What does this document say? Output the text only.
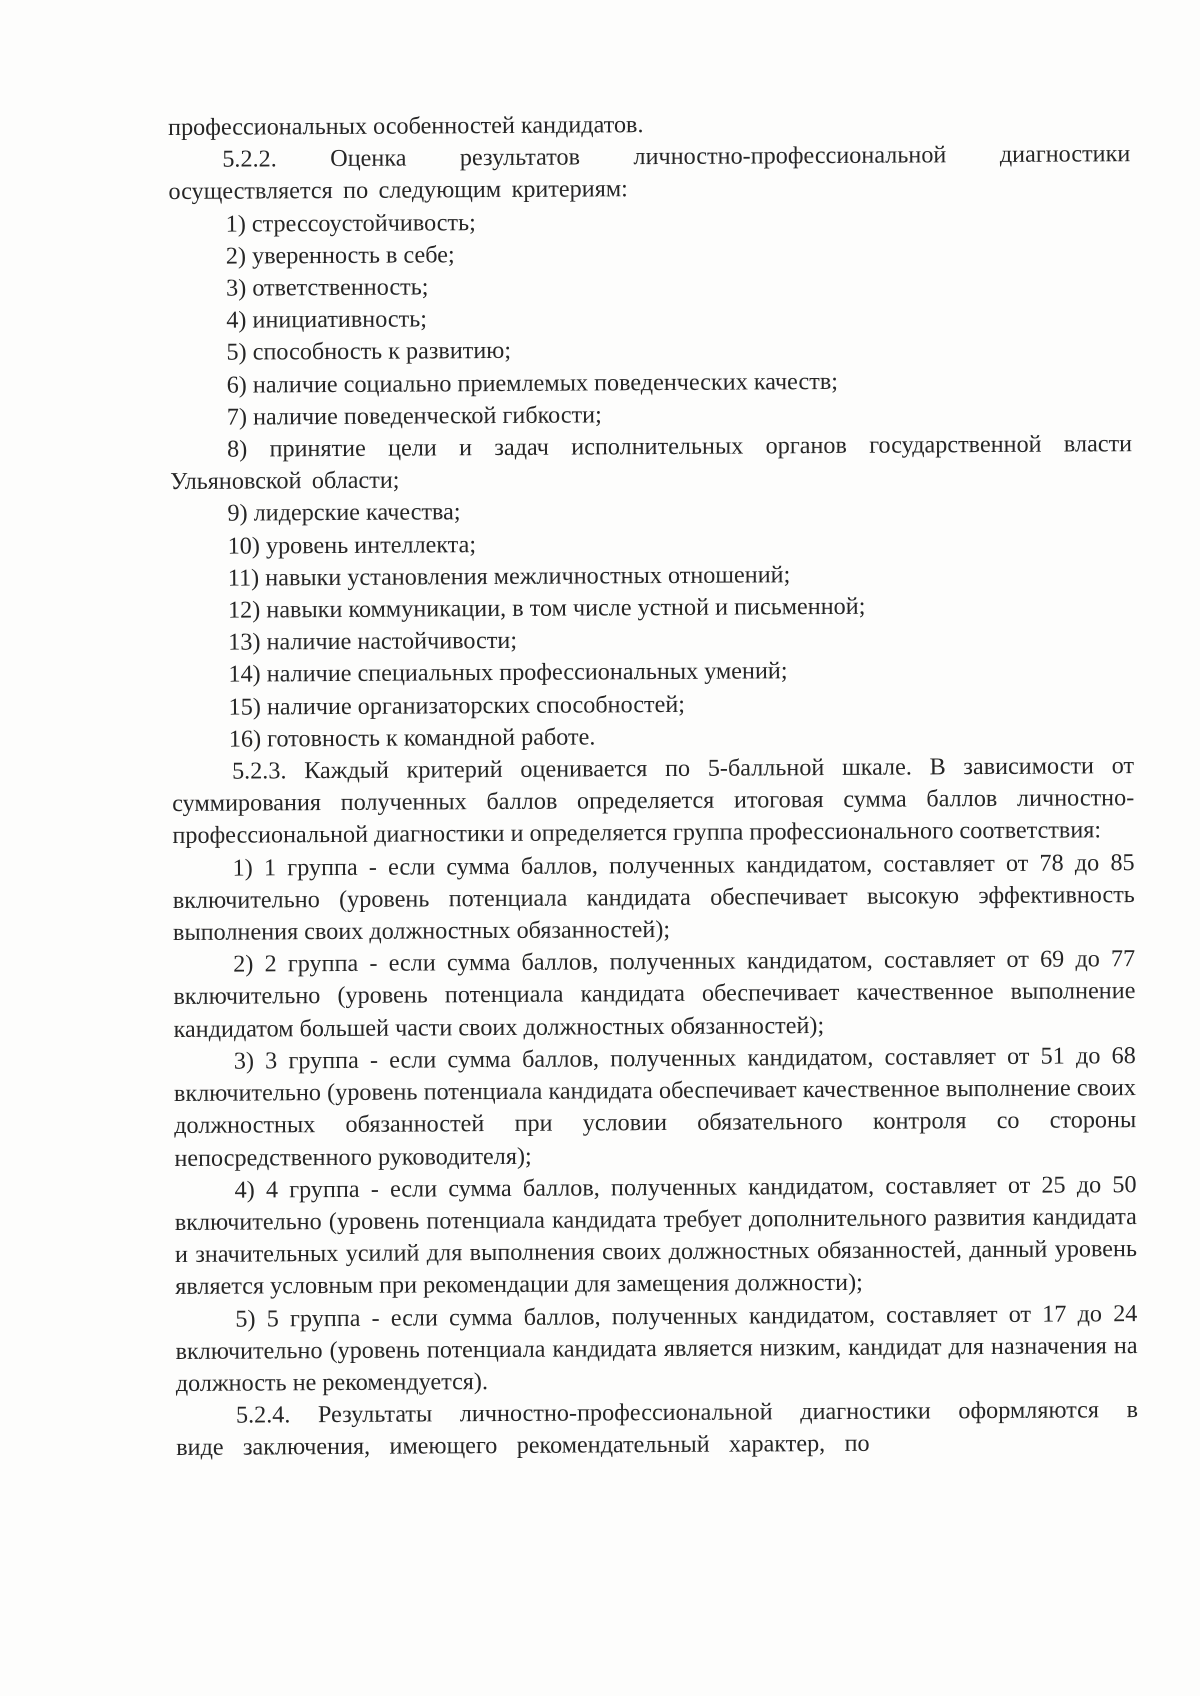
профессиональных особенностей кандидатов.

5.2.2. Оценка результатов личностно-профессиональной диагностики осуществляется по следующим критериям:

1) стрессоустойчивость;

2) уверенность в себе;

3) ответственность;

4) инициативность;

5) способность к развитию;

6) наличие социально приемлемых поведенческих качеств;

7) наличие поведенческой гибкости;

8) принятие цели и задач исполнительных органов государственной власти Ульяновской области;

9) лидерские качества;

10) уровень интеллекта;

11) навыки установления межличностных отношений;

12) навыки коммуникации, в том числе устной и письменной;

13) наличие настойчивости;

14) наличие специальных профессиональных умений;

15) наличие организаторских способностей;

16) готовность к командной работе.

5.2.3. Каждый критерий оценивается по 5-балльной шкале. В зависимости от суммирования полученных баллов определяется итоговая сумма баллов личностно-профессиональной диагностики и определяется группа профессионального соответствия:

1) 1 группа - если сумма баллов, полученных кандидатом, составляет от 78 до 85 включительно (уровень потенциала кандидата обеспечивает высокую эффективность выполнения своих должностных обязанностей);

2) 2 группа - если сумма баллов, полученных кандидатом, составляет от 69 до 77 включительно (уровень потенциала кандидата обеспечивает качественное выполнение кандидатом большей части своих должностных обязанностей);

3) 3 группа - если сумма баллов, полученных кандидатом, составляет от 51 до 68 включительно (уровень потенциала кандидата обеспечивает качественное выполнение своих должностных обязанностей при условии обязательного контроля со стороны непосредственного руководителя);

4) 4 группа - если сумма баллов, полученных кандидатом, составляет от 25 до 50 включительно (уровень потенциала кандидата требует дополнительного развития кандидата и значительных усилий для выполнения своих должностных обязанностей, данный уровень является условным при рекомендации для замещения должности);

5) 5 группа - если сумма баллов, полученных кандидатом, составляет от 17 до 24 включительно (уровень потенциала кандидата является низким, кандидат для назначения на должность не рекомендуется).

5.2.4. Результаты личностно-профессиональной диагностики оформляются в виде заключения, имеющего рекомендательный характер, по
